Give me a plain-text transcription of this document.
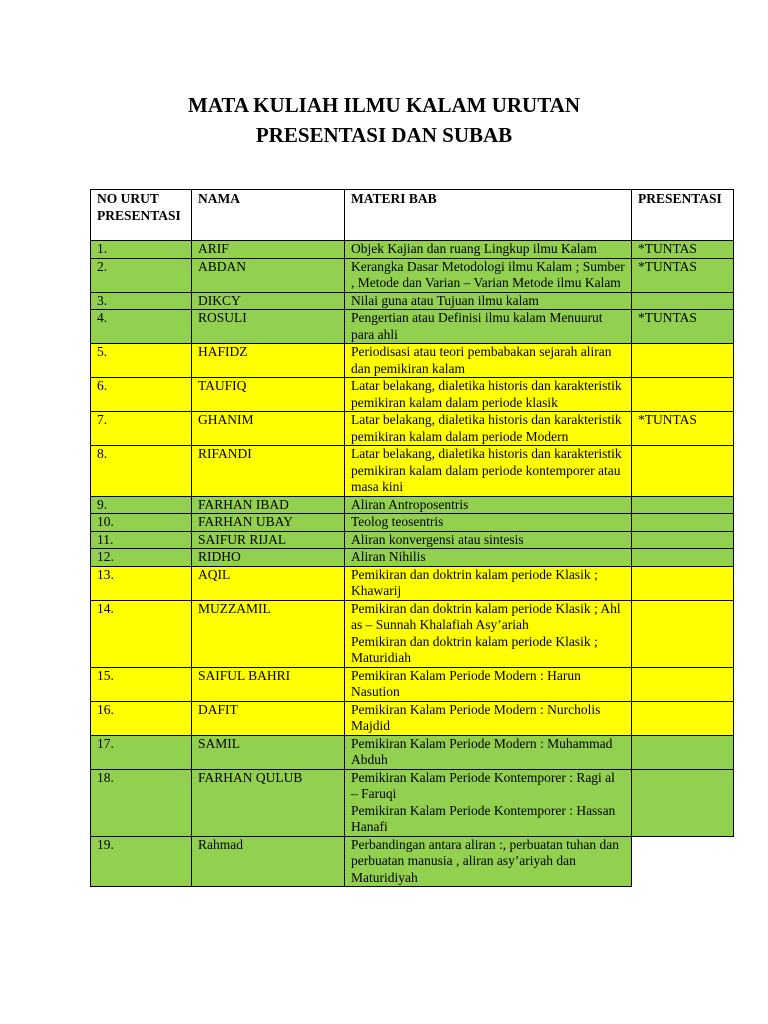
MATA KULIAH ILMU KALAM URUTAN
PRESENTASI DAN SUBAB
NO URUT PRESENTASI	NAMA	MATERI BAB	PRESENTASI
1.	ARIF	Objek Kajian dan ruang Lingkup ilmu Kalam	*TUNTAS
2.	ABDAN	Kerangka Dasar Metodologi ilmu Kalam ; Sumber , Metode dan Varian – Varian Metode ilmu Kalam	*TUNTAS
3.	DIKCY	Nilai guna atau Tujuan ilmu kalam	

4.	ROSULI	Pengertian atau Definisi ilmu kalam Menuurut para ahli	*TUNTAS
5.	HAFIDZ	Periodisasi atau teori pembabakan sejarah aliran dan pemikiran kalam	

6.	TAUFIQ	Latar belakang, dialetika historis dan karakteristik pemikiran kalam dalam periode klasik	

7.	GHANIM	Latar belakang, dialetika historis dan karakteristik pemikiran kalam dalam periode Modern	*TUNTAS
8.	RIFANDI	Latar belakang, dialetika historis dan karakteristik pemikiran kalam dalam periode kontemporer atau masa kini	

9.	FARHAN IBAD	Aliran Antroposentris	

10.	FARHAN UBAY	Teolog teosentris	

11.	SAIFUR RIJAL	Aliran konvergensi atau sintesis	

12.	RIDHO	Aliran Nihilis	

13.	AQIL	Pemikiran dan doktrin kalam periode Klasik ; Khawarij	

14.	MUZZAMIL	Pemikiran dan doktrin kalam periode Klasik ; Ahl as – Sunnah Khalafiah Asy’ariah
Pemikiran dan doktrin kalam periode Klasik ; Maturidiah	

15.	SAIFUL BAHRI	Pemikiran Kalam Periode Modern : Harun Nasution	

16.	DAFIT	Pemikiran Kalam Periode Modern : Nurcholis Majdid	

17.	SAMIL	Pemikiran Kalam Periode Modern : Muhammad Abduh	

18.	FARHAN QULUB	Pemikiran Kalam Periode Kontemporer : Ragi al – Faruqi
Pemikiran Kalam Periode Kontemporer : Hassan Hanafi	

19.	Rahmad	Perbandingan antara aliran :, perbuatan tuhan dan perbuatan manusia , aliran asy’ariyah dan Maturidiyah	
